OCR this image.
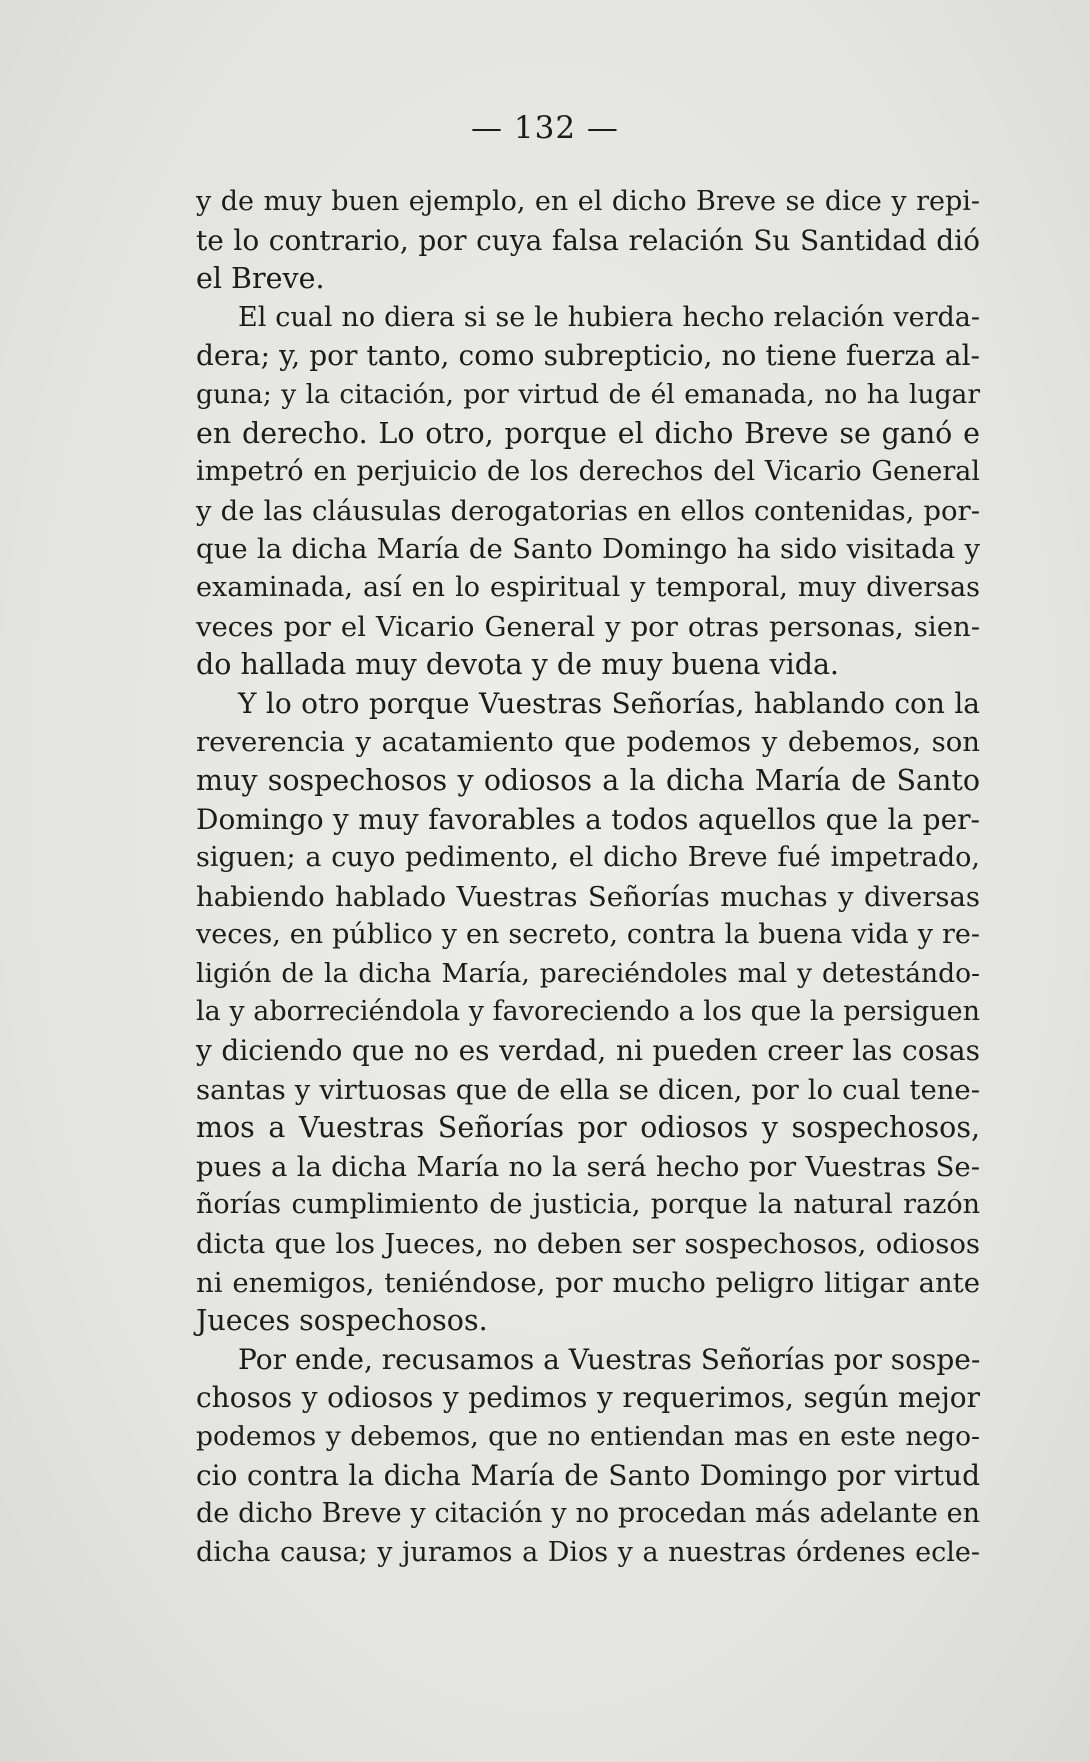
— 132 —
y de muy buen ejemplo, en el dicho Breve se dice y repi-
te lo contrario, por cuya falsa relación Su Santidad dió
el Breve.
El cual no diera si se le hubiera hecho relación verda-
dera; y, por tanto, como subrepticio, no tiene fuerza al-
guna; y la citación, por virtud de él emanada, no ha lugar
en derecho. Lo otro, porque el dicho Breve se ganó e
impetró en perjuicio de los derechos del Vicario General
y de las cláusulas derogatorias en ellos contenidas, por-
que la dicha María de Santo Domingo ha sido visitada y
examinada, así en lo espiritual y temporal, muy diversas
veces por el Vicario General y por otras personas, sien-
do hallada muy devota y de muy buena vida.
Y lo otro porque Vuestras Señorías, hablando con la
reverencia y acatamiento que podemos y debemos, son
muy sospechosos y odiosos a la dicha María de Santo
Domingo y muy favorables a todos aquellos que la per-
siguen; a cuyo pedimento, el dicho Breve fué impetrado,
habiendo hablado Vuestras Señorías muchas y diversas
veces, en público y en secreto, contra la buena vida y re-
ligión de la dicha María, pareciéndoles mal y detestándo-
la y aborreciéndola y favoreciendo a los que la persiguen
y diciendo que no es verdad, ni pueden creer las cosas
santas y virtuosas que de ella se dicen, por lo cual tene-
mos a Vuestras Señorías por odiosos y sospechosos,
pues a la dicha María no la será hecho por Vuestras Se-
ñorías cumplimiento de justicia, porque la natural razón
dicta que los Jueces, no deben ser sospechosos, odiosos
ni enemigos, teniéndose, por mucho peligro litigar ante
Jueces sospechosos.
Por ende, recusamos a Vuestras Señorías por sospe-
chosos y odiosos y pedimos y requerimos, según mejor
podemos y debemos, que no entiendan mas en este nego-
cio contra la dicha María de Santo Domingo por virtud
de dicho Breve y citación y no procedan más adelante en
dicha causa; y juramos a Dios y a nuestras órdenes ecle-
